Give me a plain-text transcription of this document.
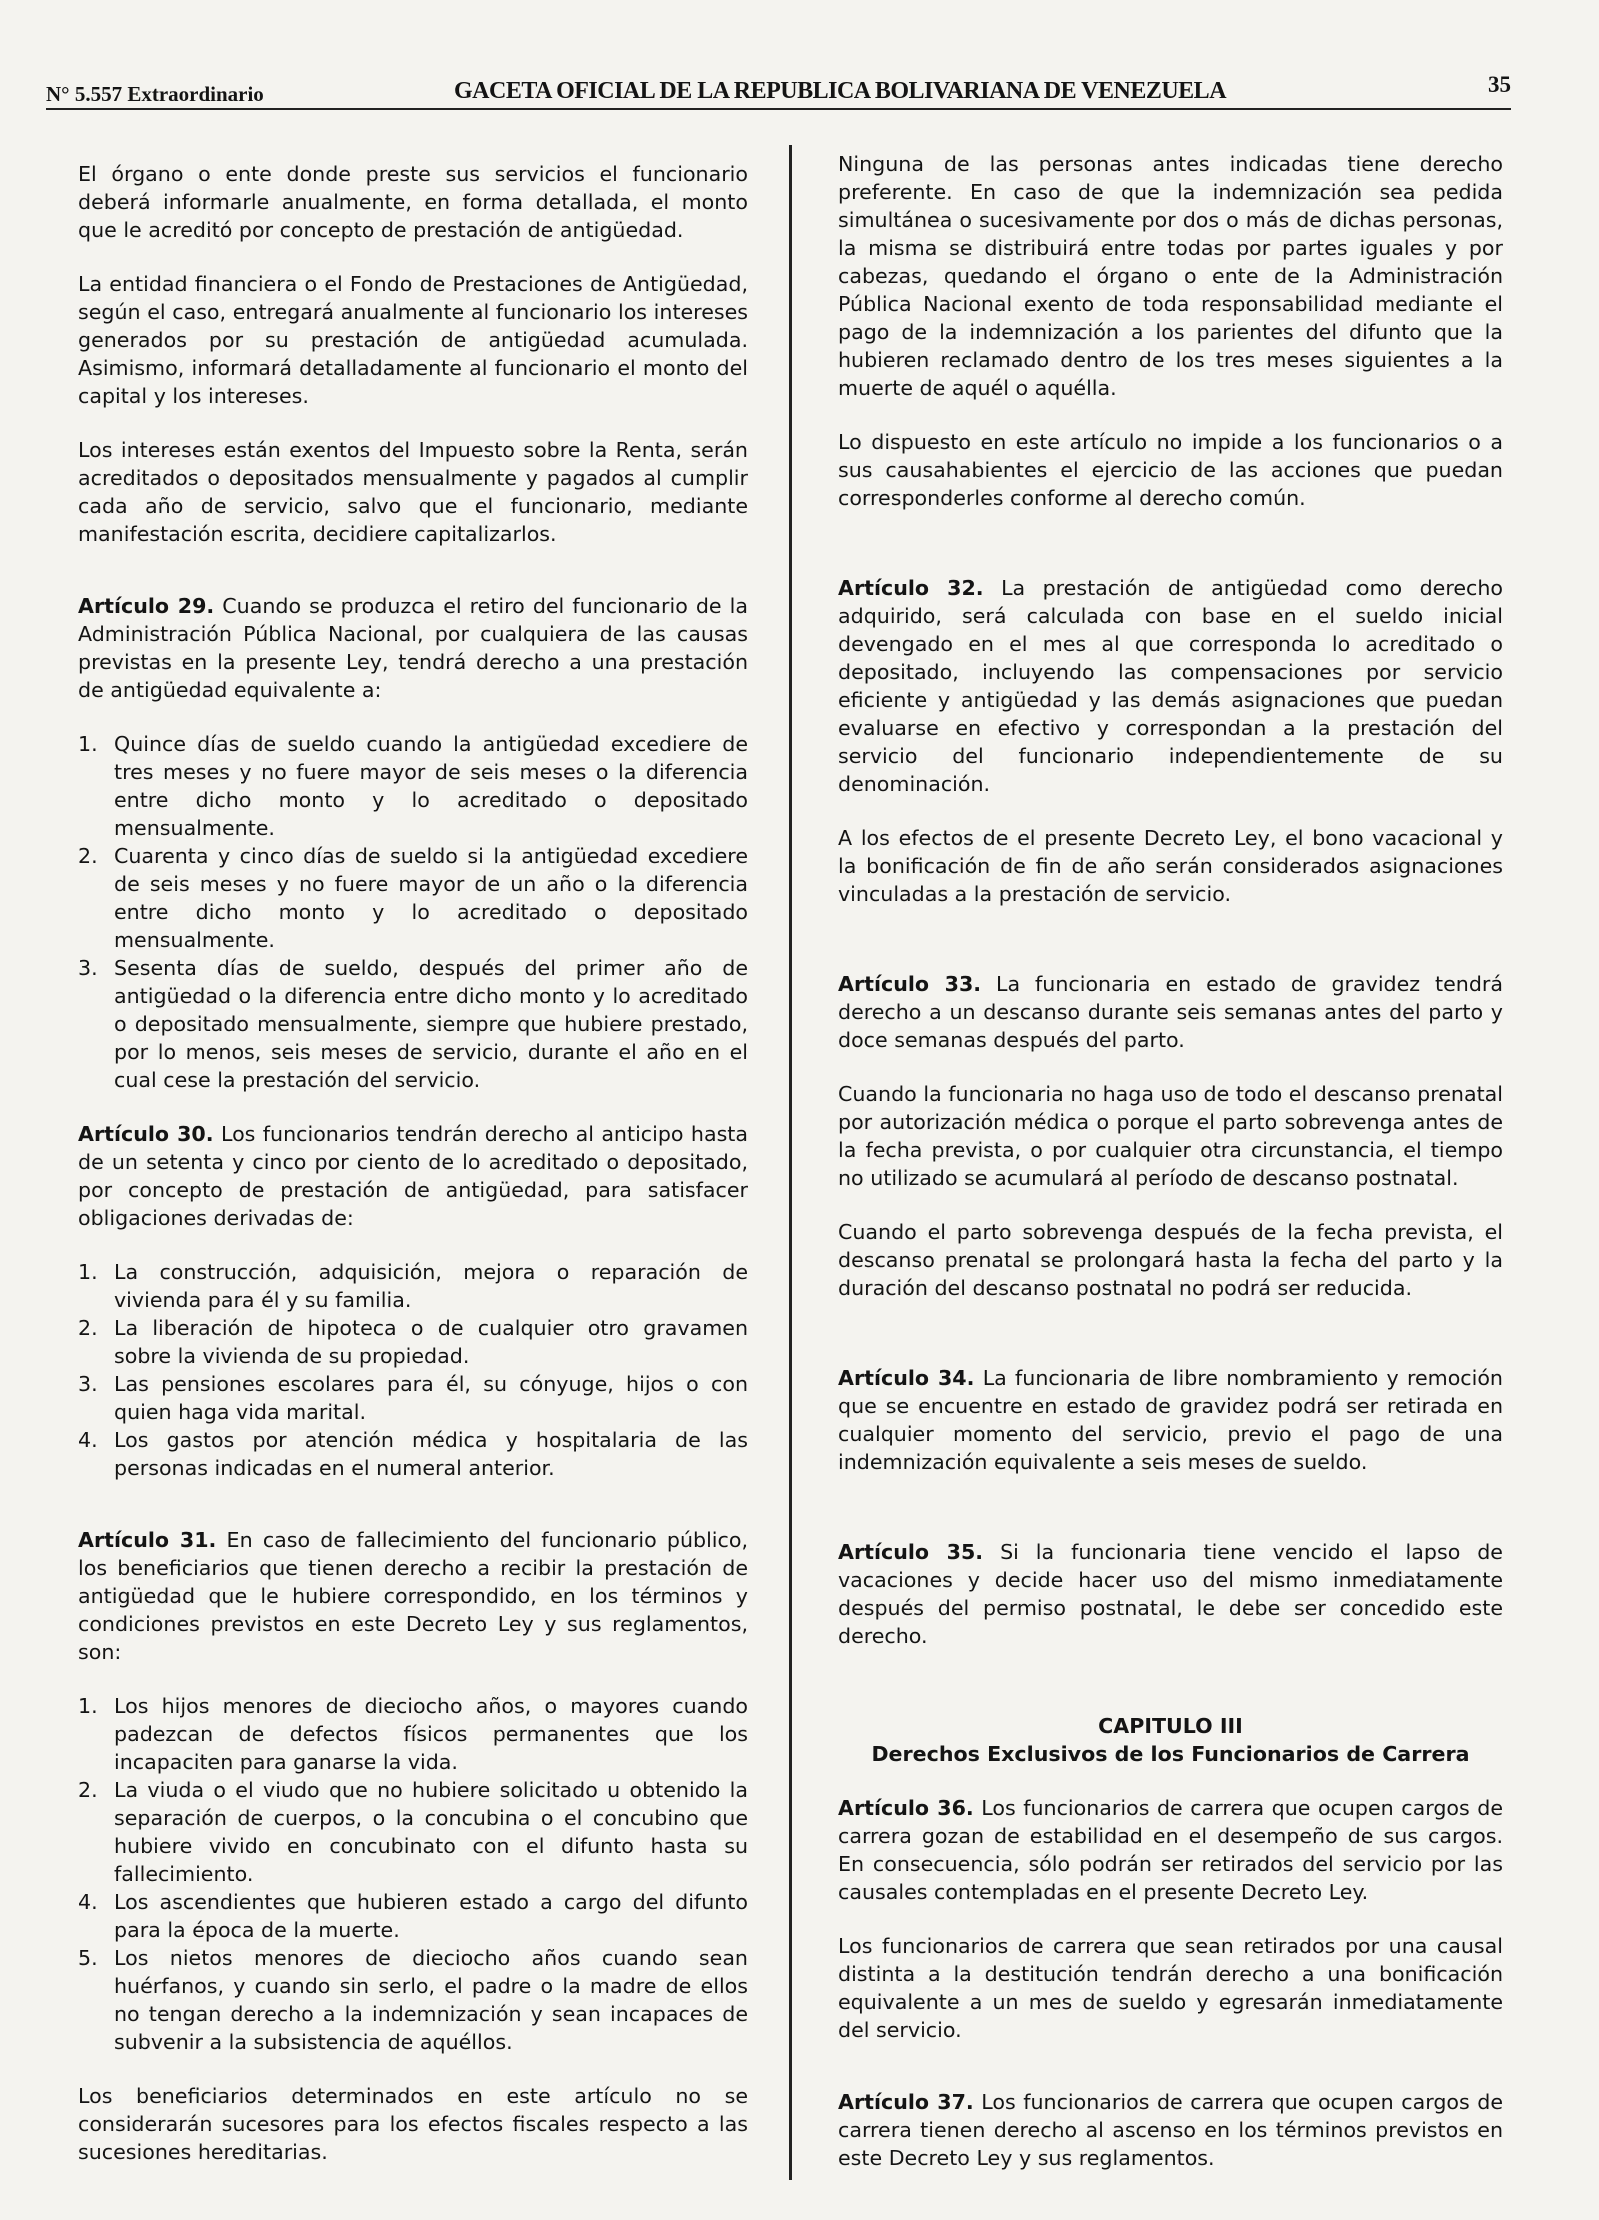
N° 5.557 Extraordinario	GACETA OFICIAL DE LA REPUBLICA BOLIVARIANA DE VENEZUELA	35

El órgano o ente donde preste sus servicios el funcionario deberá informarle anualmente, en forma detallada, el monto que le acreditó por concepto de prestación de antigüedad.

La entidad financiera o el Fondo de Prestaciones de Antigüedad, según el caso, entregará anualmente al funcionario los intereses generados por su prestación de antigüedad acumulada. Asimismo, informará detalladamente al funcionario el monto del capital y los intereses.

Los intereses están exentos del Impuesto sobre la Renta, serán acreditados o depositados mensualmente y pagados al cumplir cada año de servicio, salvo que el funcionario, mediante manifestación escrita, decidiere capitalizarlos.

Artículo 29. Cuando se produzca el retiro del funcionario de la Administración Pública Nacional, por cualquiera de las causas previstas en la presente Ley, tendrá derecho a una prestación de antigüedad equivalente a:

1. Quince días de sueldo cuando la antigüedad excediere de tres meses y no fuere mayor de seis meses o la diferencia entre dicho monto y lo acreditado o depositado mensualmente.
2. Cuarenta y cinco días de sueldo si la antigüedad excediere de seis meses y no fuere mayor de un año o la diferencia entre dicho monto y lo acreditado o depositado mensualmente.
3. Sesenta días de sueldo, después del primer año de antigüedad o la diferencia entre dicho monto y lo acreditado o depositado mensualmente, siempre que hubiere prestado, por lo menos, seis meses de servicio, durante el año en el cual cese la prestación del servicio.

Artículo 30. Los funcionarios tendrán derecho al anticipo hasta de un setenta y cinco por ciento de lo acreditado o depositado, por concepto de prestación de antigüedad, para satisfacer obligaciones derivadas de:

1. La construcción, adquisición, mejora o reparación de vivienda para él y su familia.
2. La liberación de hipoteca o de cualquier otro gravamen sobre la vivienda de su propiedad.
3. Las pensiones escolares para él, su cónyuge, hijos o con quien haga vida marital.
4. Los gastos por atención médica y hospitalaria de las personas indicadas en el numeral anterior.

Artículo 31. En caso de fallecimiento del funcionario público, los beneficiarios que tienen derecho a recibir la prestación de antigüedad que le hubiere correspondido, en los términos y condiciones previstos en este Decreto Ley y sus reglamentos, son:

1. Los hijos menores de dieciocho años, o mayores cuando padezcan de defectos físicos permanentes que los incapaciten para ganarse la vida.
2. La viuda o el viudo que no hubiere solicitado u obtenido la separación de cuerpos, o la concubina o el concubino que hubiere vivido en concubinato con el difunto hasta su fallecimiento.
4. Los ascendientes que hubieren estado a cargo del difunto para la época de la muerte.
5. Los nietos menores de dieciocho años cuando sean huérfanos, y cuando sin serlo, el padre o la madre de ellos no tengan derecho a la indemnización y sean incapaces de subvenir a la subsistencia de aquéllos.

Los beneficiarios determinados en este artículo no se considerarán sucesores para los efectos fiscales respecto a las sucesiones hereditarias.

Ninguna de las personas antes indicadas tiene derecho preferente. En caso de que la indemnización sea pedida simultánea o sucesivamente por dos o más de dichas personas, la misma se distribuirá entre todas por partes iguales y por cabezas, quedando el órgano o ente de la Administración Pública Nacional exento de toda responsabilidad mediante el pago de la indemnización a los parientes del difunto que la hubieren reclamado dentro de los tres meses siguientes a la muerte de aquél o aquélla.

Lo dispuesto en este artículo no impide a los funcionarios o a sus causahabientes el ejercicio de las acciones que puedan corresponderles conforme al derecho común.

Artículo 32. La prestación de antigüedad como derecho adquirido, será calculada con base en el sueldo inicial devengado en el mes al que corresponda lo acreditado o depositado, incluyendo las compensaciones por servicio eficiente y antigüedad y las demás asignaciones que puedan evaluarse en efectivo y correspondan a la prestación del servicio del funcionario independientemente de su denominación.

A los efectos de el presente Decreto Ley, el bono vacacional y la bonificación de fin de año serán considerados asignaciones vinculadas a la prestación de servicio.

Artículo 33. La funcionaria en estado de gravidez tendrá derecho a un descanso durante seis semanas antes del parto y doce semanas después del parto.

Cuando la funcionaria no haga uso de todo el descanso prenatal por autorización médica o porque el parto sobrevenga antes de la fecha prevista, o por cualquier otra circunstancia, el tiempo no utilizado se acumulará al período de descanso postnatal.

Cuando el parto sobrevenga después de la fecha prevista, el descanso prenatal se prolongará hasta la fecha del parto y la duración del descanso postnatal no podrá ser reducida.

Artículo 34. La funcionaria de libre nombramiento y remoción que se encuentre en estado de gravidez podrá ser retirada en cualquier momento del servicio, previo el pago de una indemnización equivalente a seis meses de sueldo.

Artículo 35. Si la funcionaria tiene vencido el lapso de vacaciones y decide hacer uso del mismo inmediatamente después del permiso postnatal, le debe ser concedido este derecho.

CAPITULO III
Derechos Exclusivos de los Funcionarios de Carrera

Artículo 36. Los funcionarios de carrera que ocupen cargos de carrera gozan de estabilidad en el desempeño de sus cargos. En consecuencia, sólo podrán ser retirados del servicio por las causales contempladas en el presente Decreto Ley.

Los funcionarios de carrera que sean retirados por una causal distinta a la destitución tendrán derecho a una bonificación equivalente a un mes de sueldo y egresarán inmediatamente del servicio.

Artículo 37. Los funcionarios de carrera que ocupen cargos de carrera tienen derecho al ascenso en los términos previstos en este Decreto Ley y sus reglamentos.
